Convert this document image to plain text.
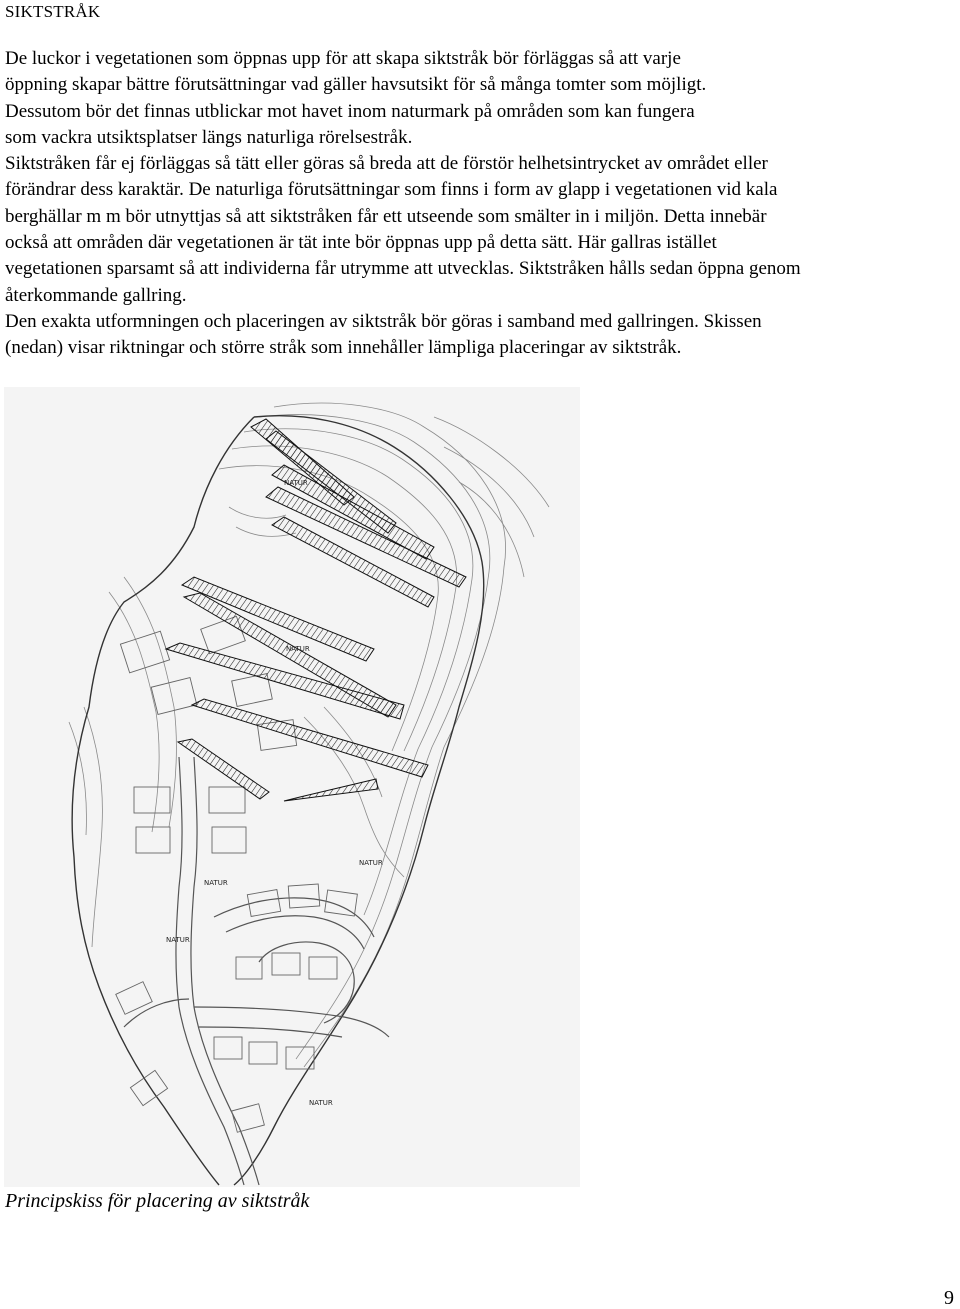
SIKTSTRÅK

De luckor i vegetationen som öppnas upp för att skapa siktstråk bör förläggas så att varje

öppning skapar bättre förutsättningar vad gäller havsutsikt för så många tomter som möjligt.

Dessutom bör det finnas utblickar mot havet inom naturmark på områden som kan fungera

som vackra utsiktsplatser längs naturliga rörelsestråk.

Siktstråken får ej förläggas så tätt eller göras så breda att de förstör helhetsintrycket av området eller

förändrar dess karaktär. De naturliga förutsättningar som finns i form av glapp i vegetationen vid kala

berghällar m m bör utnyttjas så att siktstråken får ett utseende som smälter in i miljön. Detta innebär

också att områden där vegetationen är tät inte bör öppnas upp på detta sätt. Här gallras istället

vegetationen sparsamt så att individerna får utrymme att utvecklas. Siktstråken hålls sedan öppna genom

återkommande gallring.

Den exakta utformningen och placeringen av siktstråk bör göras i samband med gallringen. Skissen

(nedan) visar riktningar och större stråk som innehåller lämpliga placeringar av siktstråk.

NATUR
NATUR
NATUR
NATUR
NATUR
NATUR
Principskiss för placering av siktstråk
9
